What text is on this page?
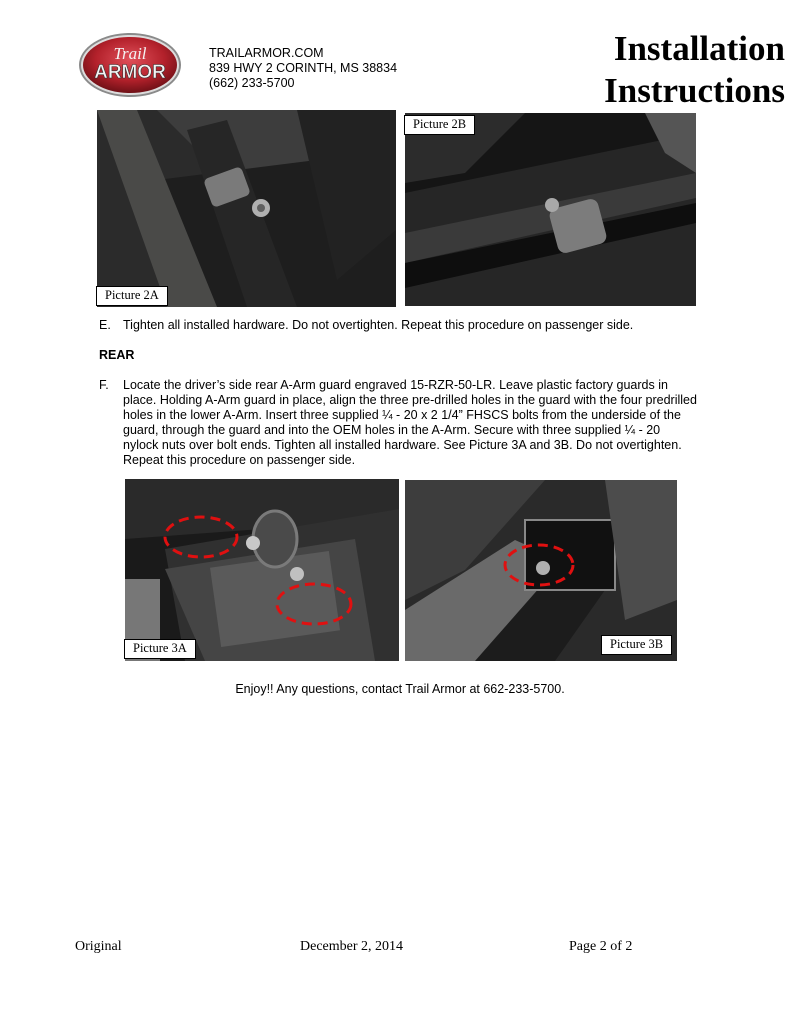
Trail
ARMOR
TRAILARMOR.COM
839 HWY 2 CORINTH, MS 38834
(662) 233-5700
Installation
Instructions
Picture 2A
Picture 2B
E. Tighten all installed hardware. Do not overtighten. Repeat this procedure on passenger side.
REAR
F.	Locate the driver’s side rear A-Arm guard engraved 15-RZR-50-LR. Leave plastic factory guards in
place. Holding A-Arm guard in place, align the three pre-drilled holes in the guard with the four predrilled
holes in the lower A-Arm. Insert three supplied ¼ - 20 x 2 1/4” FHSCS bolts from the underside of the
guard, through the guard and into the OEM holes in the A-Arm. Secure with three supplied ¼ - 20
nylock nuts over bolt ends. Tighten all installed hardware. See Picture 3A and 3B. Do not overtighten.
Repeat this procedure on passenger side.
Picture 3A	Picture 3B
Enjoy!! Any questions, contact Trail Armor at 662-233-5700.
Original	December 2, 2014	Page 2 of 2
